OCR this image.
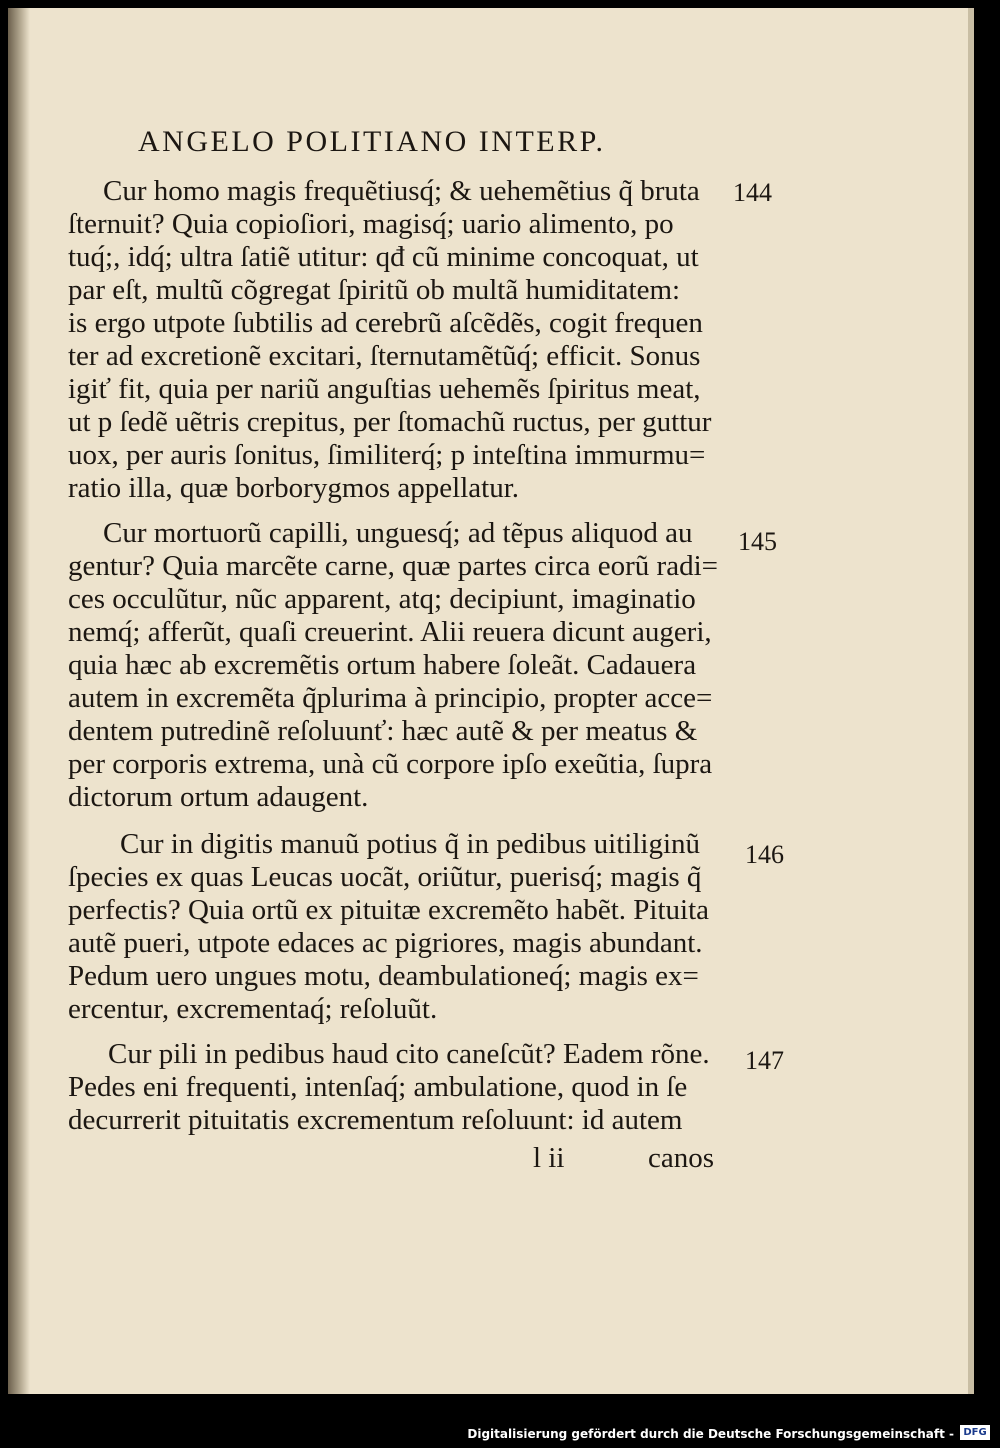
ANGELO POLITIANO INTERP.
Cur homo magis frequẽtiusq́; & uehemẽtius q̃ bruta
ſternuit? Quia copioſiori, magisq́; uario alimento, po
tuq́;, idq́; ultra ſatiẽ utitur: qđ cũ minime concoquat, ut
par eſt, multũ cõgregat ſpiritũ ob multã humiditatem:
is ergo utpote ſubtilis ad cerebrũ aſcẽdẽs, cogit frequen
ter ad excretionẽ excitari, ſternutamẽtũq́; efficit. Sonus
igiť fit, quia per nariũ anguſtias uehemẽs ſpiritus meat,
ut p ſedẽ uẽtris crepitus, per ſtomachũ ructus, per guttur
uox, per auris ſonitus, ſimiliterq́; p inteſtina immurmu=
ratio illa, quæ borborygmos appellatur.
Cur mortuorũ capilli, unguesq́; ad tẽpus aliquod au
gentur? Quia marcẽte carne, quæ partes circa eorũ radi=
ces occulũtur, nũc apparent, atq; decipiunt, imaginatio
nemq́; afferũt, quaſi creuerint. Alii reuera dicunt augeri,
quia hæc ab excremẽtis ortum habere ſoleãt. Cadauera
autem in excremẽta q̃plurima à principio, propter acce=
dentem putredinẽ reſoluunť: hæc autẽ & per meatus &
per corporis extrema, unà cũ corpore ipſo exeũtia, ſupra
dictorum ortum adaugent.
Cur in digitis manuũ potius q̃ in pedibus uitiliginũ
ſpecies ex quas Leucas uocãt, oriũtur, puerisq́; magis q̃
perfectis? Quia ortũ ex pituitæ excremẽto habẽt. Pituita
autẽ pueri, utpote edaces ac pigriores, magis abundant.
Pedum uero ungues motu, deambulationeq́; magis ex=
ercentur, excrementaq́; reſoluũt.
Cur pili in pedibus haud cito caneſcũt? Eadem rõne.
Pedes eni frequenti, intenſaq́; ambulatione, quod in ſe
decurrerit pituitatis excrementum reſoluunt: id autem
144
145
146
147
l ii	canos
Digitalisierung gefördert durch die Deutsche Forschungsgemeinschaft - DFG
